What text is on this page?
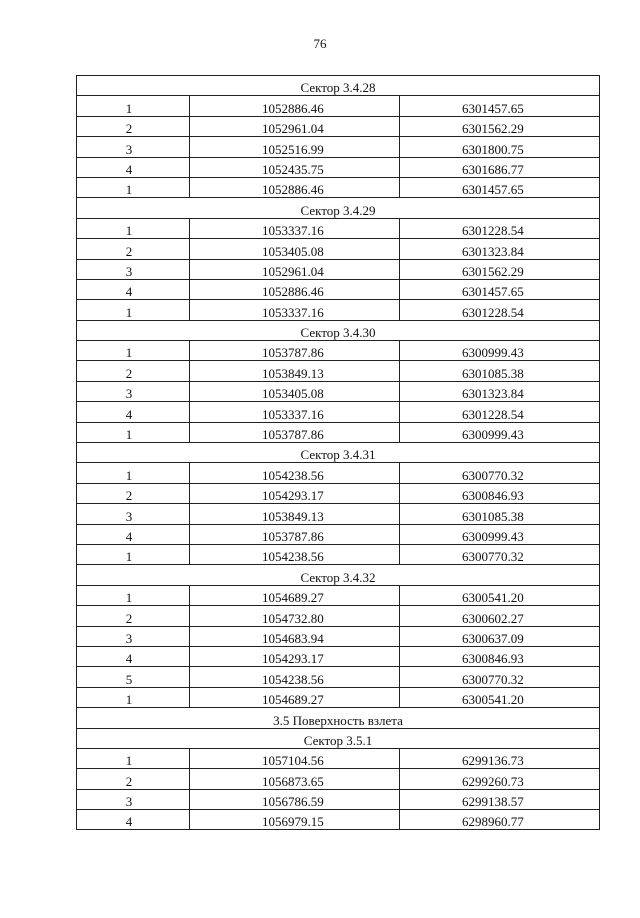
76
Сектор 3.4.28		
1	1052886.46	6301457.65
2	1052961.04	6301562.29
3	1052516.99	6301800.75
4	1052435.75	6301686.77
1	1052886.46	6301457.65
Сектор 3.4.29		
1	1053337.16	6301228.54
2	1053405.08	6301323.84
3	1052961.04	6301562.29
4	1052886.46	6301457.65
1	1053337.16	6301228.54
Сектор 3.4.30		
1	1053787.86	6300999.43
2	1053849.13	6301085.38
3	1053405.08	6301323.84
4	1053337.16	6301228.54
1	1053787.86	6300999.43
Сектор 3.4.31		
1	1054238.56	6300770.32
2	1054293.17	6300846.93
3	1053849.13	6301085.38
4	1053787.86	6300999.43
1	1054238.56	6300770.32
Сектор 3.4.32		
1	1054689.27	6300541.20
2	1054732.80	6300602.27
3	1054683.94	6300637.09
4	1054293.17	6300846.93
5	1054238.56	6300770.32
1	1054689.27	6300541.20
3.5 Поверхность взлета		
Сектор 3.5.1		
1	1057104.56	6299136.73
2	1056873.65	6299260.73
3	1056786.59	6299138.57
4	1056979.15	6298960.77
